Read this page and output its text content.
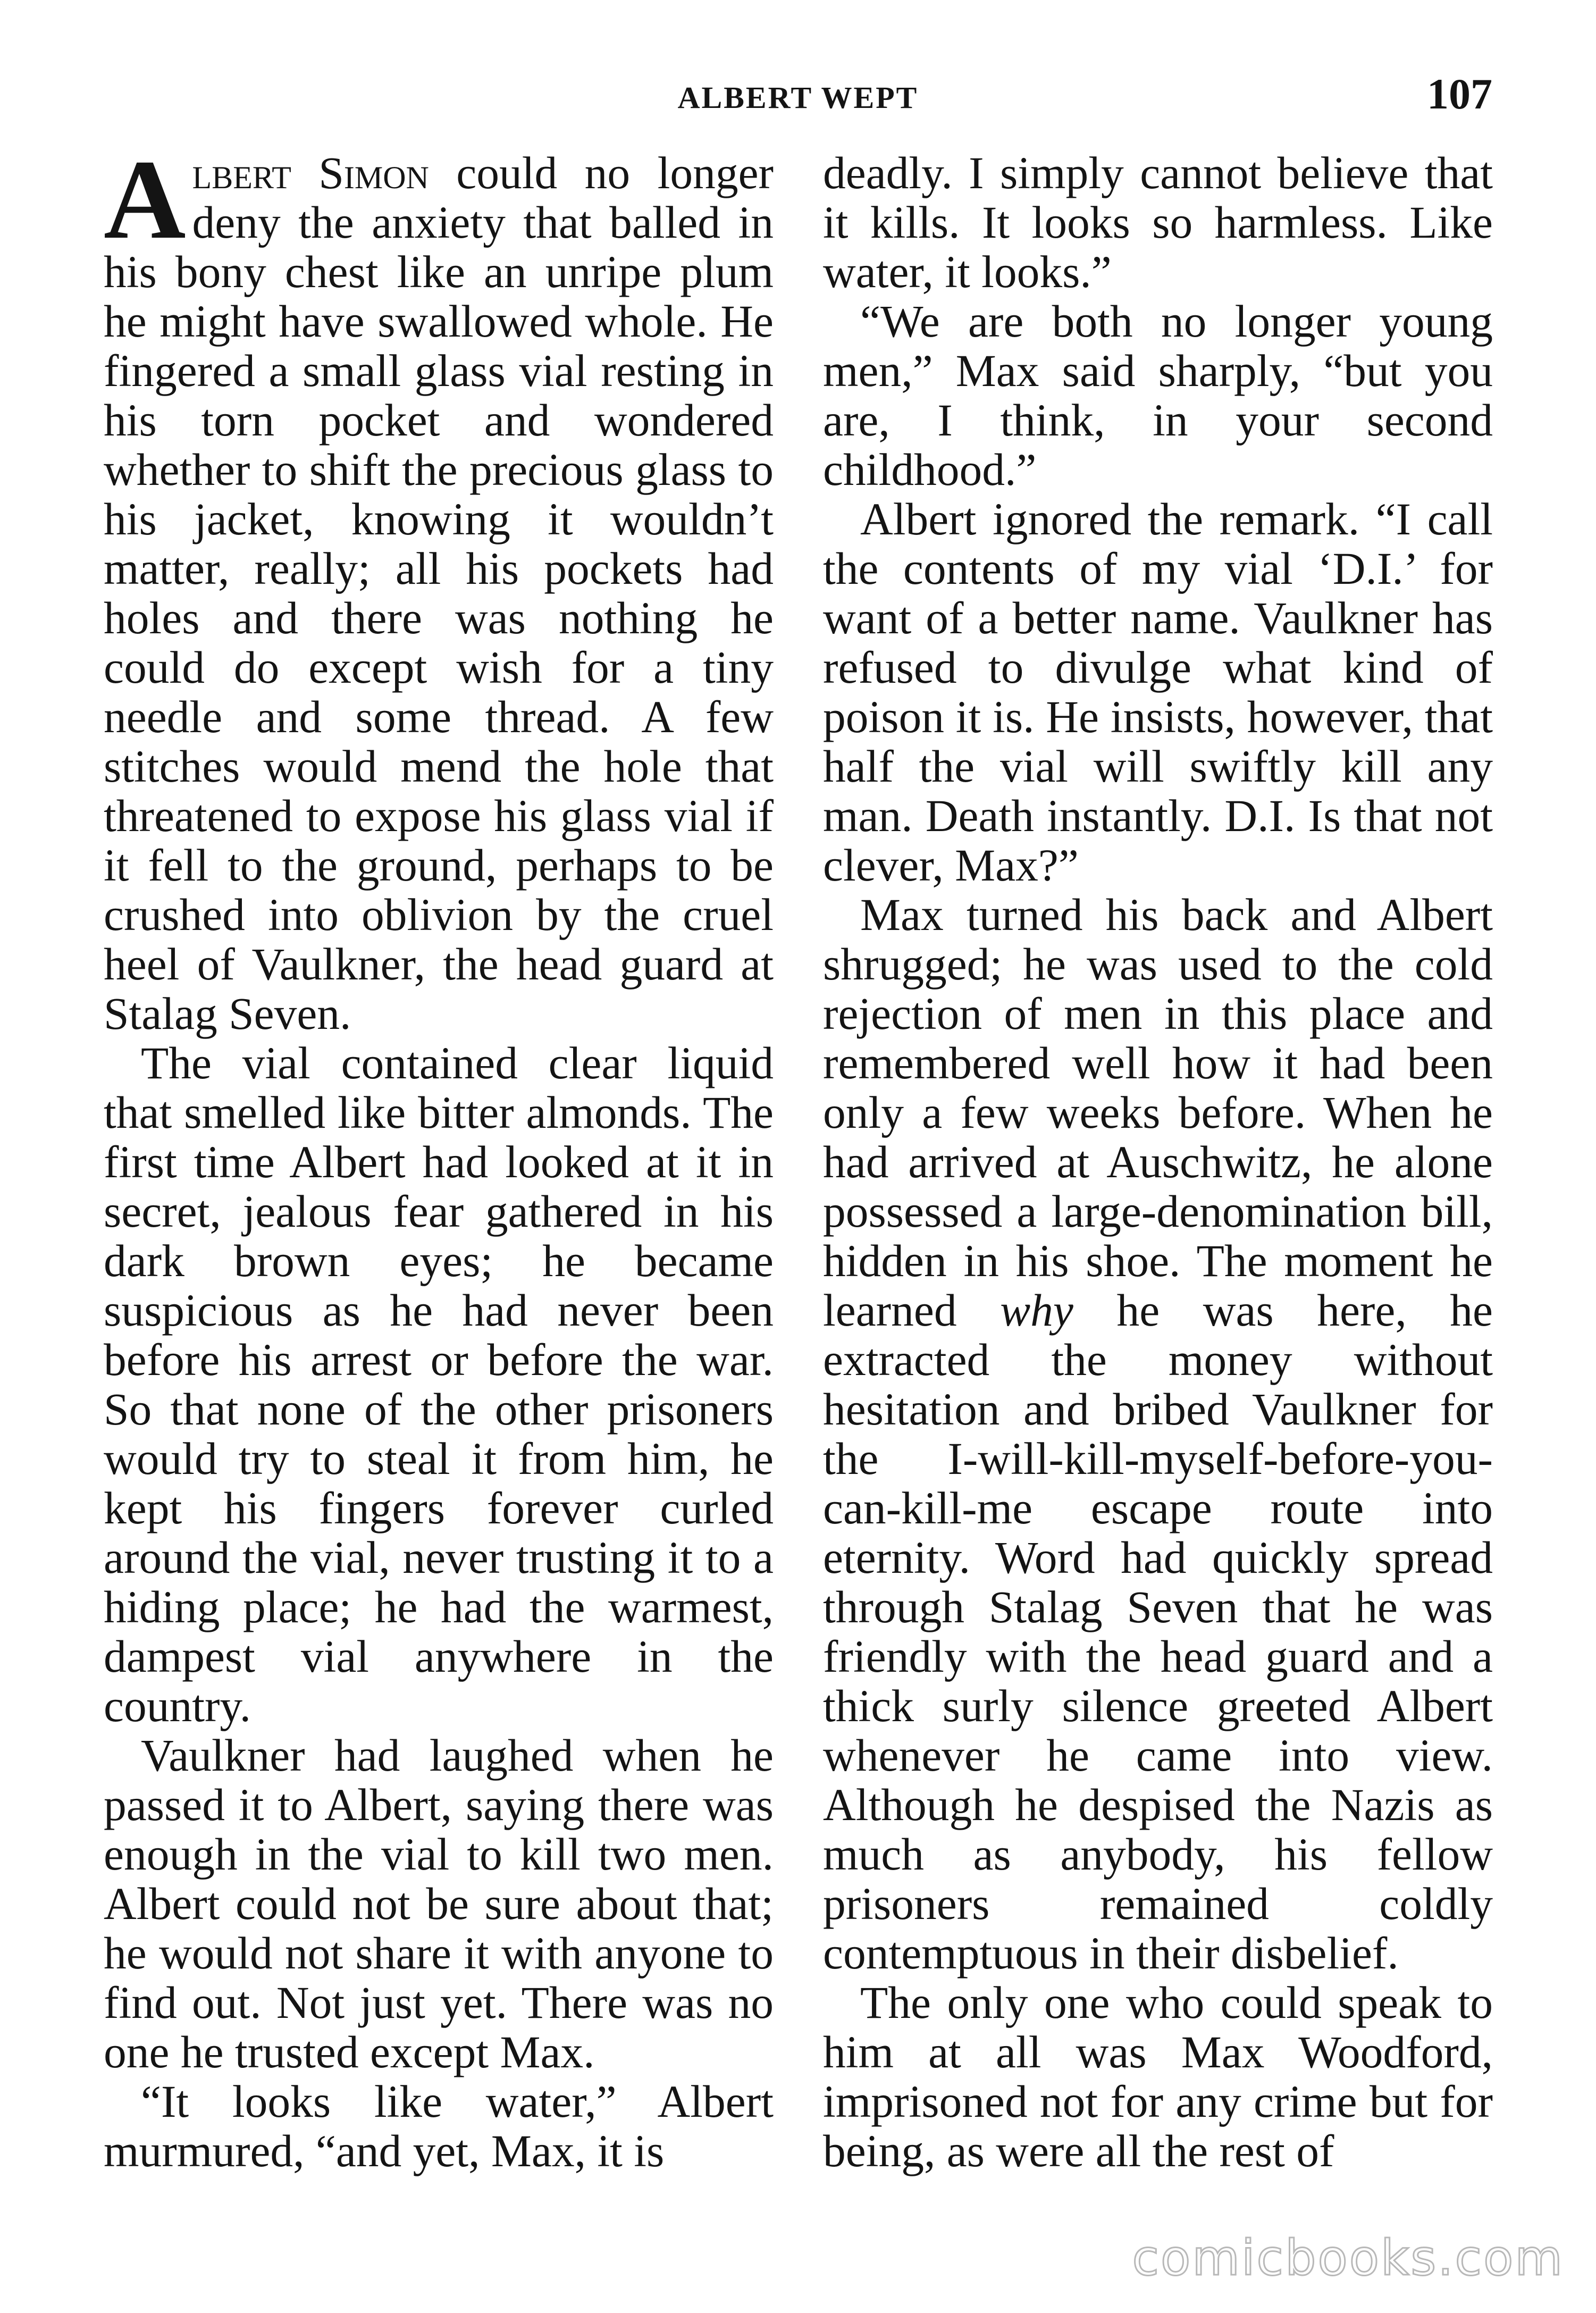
ALBERT WEPT	107

Albert Simon could no longer deny the anxiety that balled in his bony chest like an unripe plum he might have swallowed whole. He fingered a small glass vial resting in his torn pocket and wondered whether to shift the precious glass to his jacket, knowing it wouldn’t matter, really; all his pockets had holes and there was nothing he could do except wish for a tiny needle and some thread. A few stitches would mend the hole that threatened to expose his glass vial if it fell to the ground, perhaps to be crushed into oblivion by the cruel heel of Vaulkner, the head guard at Stalag Seven.

The vial contained clear liquid that smelled like bitter almonds. The first time Albert had looked at it in secret, jealous fear gathered in his dark brown eyes; he became suspicious as he had never been before his arrest or before the war. So that none of the other prisoners would try to steal it from him, he kept his fingers forever curled around the vial, never trusting it to a hiding place; he had the warmest, dampest vial anywhere in the country.

Vaulkner had laughed when he passed it to Albert, saying there was enough in the vial to kill two men. Albert could not be sure about that; he would not share it with anyone to find out. Not just yet. There was no one he trusted except Max.

“It looks like water,” Albert murmured, “and yet, Max, it is

deadly. I simply cannot believe that it kills. It looks so harmless. Like water, it looks.”

“We are both no longer young men,” Max said sharply, “but you are, I think, in your second childhood.”

Albert ignored the remark. “I call the contents of my vial ‘D.I.’ for want of a better name. Vaulkner has refused to divulge what kind of poison it is. He insists, however, that half the vial will swiftly kill any man. Death instantly. D.I. Is that not clever, Max?”

Max turned his back and Albert shrugged; he was used to the cold rejection of men in this place and remembered well how it had been only a few weeks before. When he had arrived at Auschwitz, he alone possessed a large-denomination bill, hidden in his shoe. The moment he learned why he was here, he extracted the money without hesitation and bribed Vaulkner for the I-will-kill-myself-before-you-can-kill-me escape route into eternity. Word had quickly spread through Stalag Seven that he was friendly with the head guard and a thick surly silence greeted Albert whenever he came into view. Although he despised the Nazis as much as anybody, his fellow prisoners remained coldly contemptuous in their disbelief.

The only one who could speak to him at all was Max Woodford, imprisoned not for any crime but for being, as were all the rest of

comicbooks.com
